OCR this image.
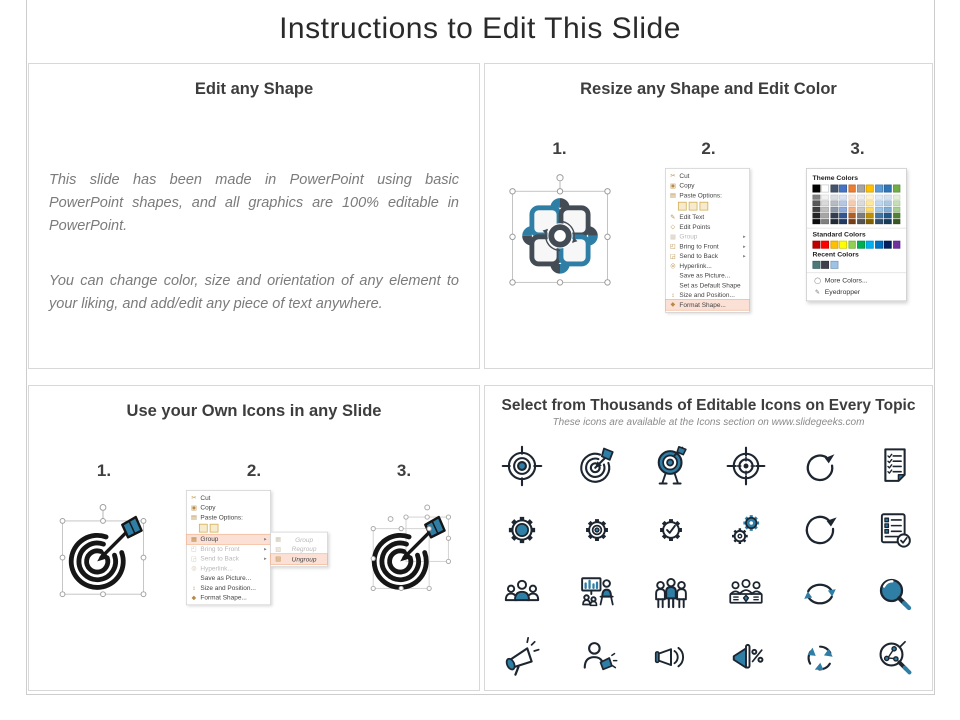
Instructions to Edit This Slide
Edit any Shape
This slide has been made in PowerPoint using basic PowerPoint shapes, and all graphics are 100% editable in PowerPoint.
You can change color, size and orientation of any element to your liking, and add/edit any piece of text anywhere.
Resize any Shape and Edit Color
1.	2.	3.
✂ Cut
▣ Copy
▤ Paste Options:
✎ Edit Text
◇ Edit Points
▦ Group	▸
◰ Bring to Front	▸
◲ Send to Back	▸
◎ Hyperlink...
Save as Picture...
Set as Default Shape
↕ Size and Position...
◆ Format Shape...
Theme Colors
Standard Colors
Recent Colors
◯ More Colors...
✎ Eyedropper
Use your Own Icons in any Slide
1.	2.	3.
✂ Cut
▣ Copy
▤ Paste Options:
▦ Group	▸
◰ Bring to Front	▸
◲ Send to Back	▸
◎ Hyperlink...
Save as Picture...
↕ Size and Position...
◆ Format Shape...
▦	Group
▧	Regroup
▨	Ungroup
Select from Thousands of Editable Icons on Every Topic
These icons are available at the Icons section on www.slidegeeks.com
